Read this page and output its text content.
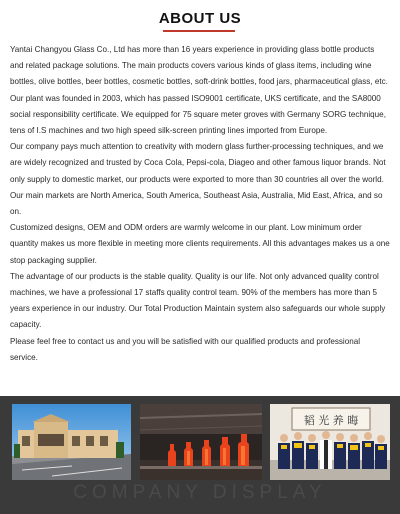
ABOUT US

Yantai Changyou Glass Co., Ltd has more than 16 years experience in providing glass bottle products and related package solutions. The main products covers various kinds of glass items, including wine bottles, olive bottles, beer bottles, cosmetic bottles, soft-drink bottles, food jars, pharmaceutical glass, etc.

Our plant was founded in 2003, which has passed ISO9001 certificate, UKS certificate, and the SA8000 social responsibility certificate. We equipped for 75 square meter groves with Germany SORG technique, tens of I.S machines and two high speed silk-screen printing lines imported from Europe.

Our company pays much attention to creativity with modern glass further-processing techniques, and we are widely recognized and trusted by Coca Cola, Pepsi-cola, Diageo and other famous liquor brands. Not only supply to domestic market, our products were exported to more than 30 countries all over the world. Our main markets are North America, South America, Southeast Asia, Australia, Mid East, Africa, and so on.

Customized designs, OEM and ODM orders are warmly welcome in our plant. Low minimum order quantity makes us more flexible in meeting more clients requirements. All this advantages makes us a one stop packaging supplier.

The advantage of our products is the stable quality. Quality is our life. Not only advanced quality control machines, we have a professional 17 staffs quality control team. 90% of the members has more than 5 years experience in our industry. Our Total Production Maintain system also safeguards our whole supply capacity.

Please feel free to contact us and you will be satisfied with our qualified products and professional service.

韬 光 养 晦
COMPANY DISPLAY
